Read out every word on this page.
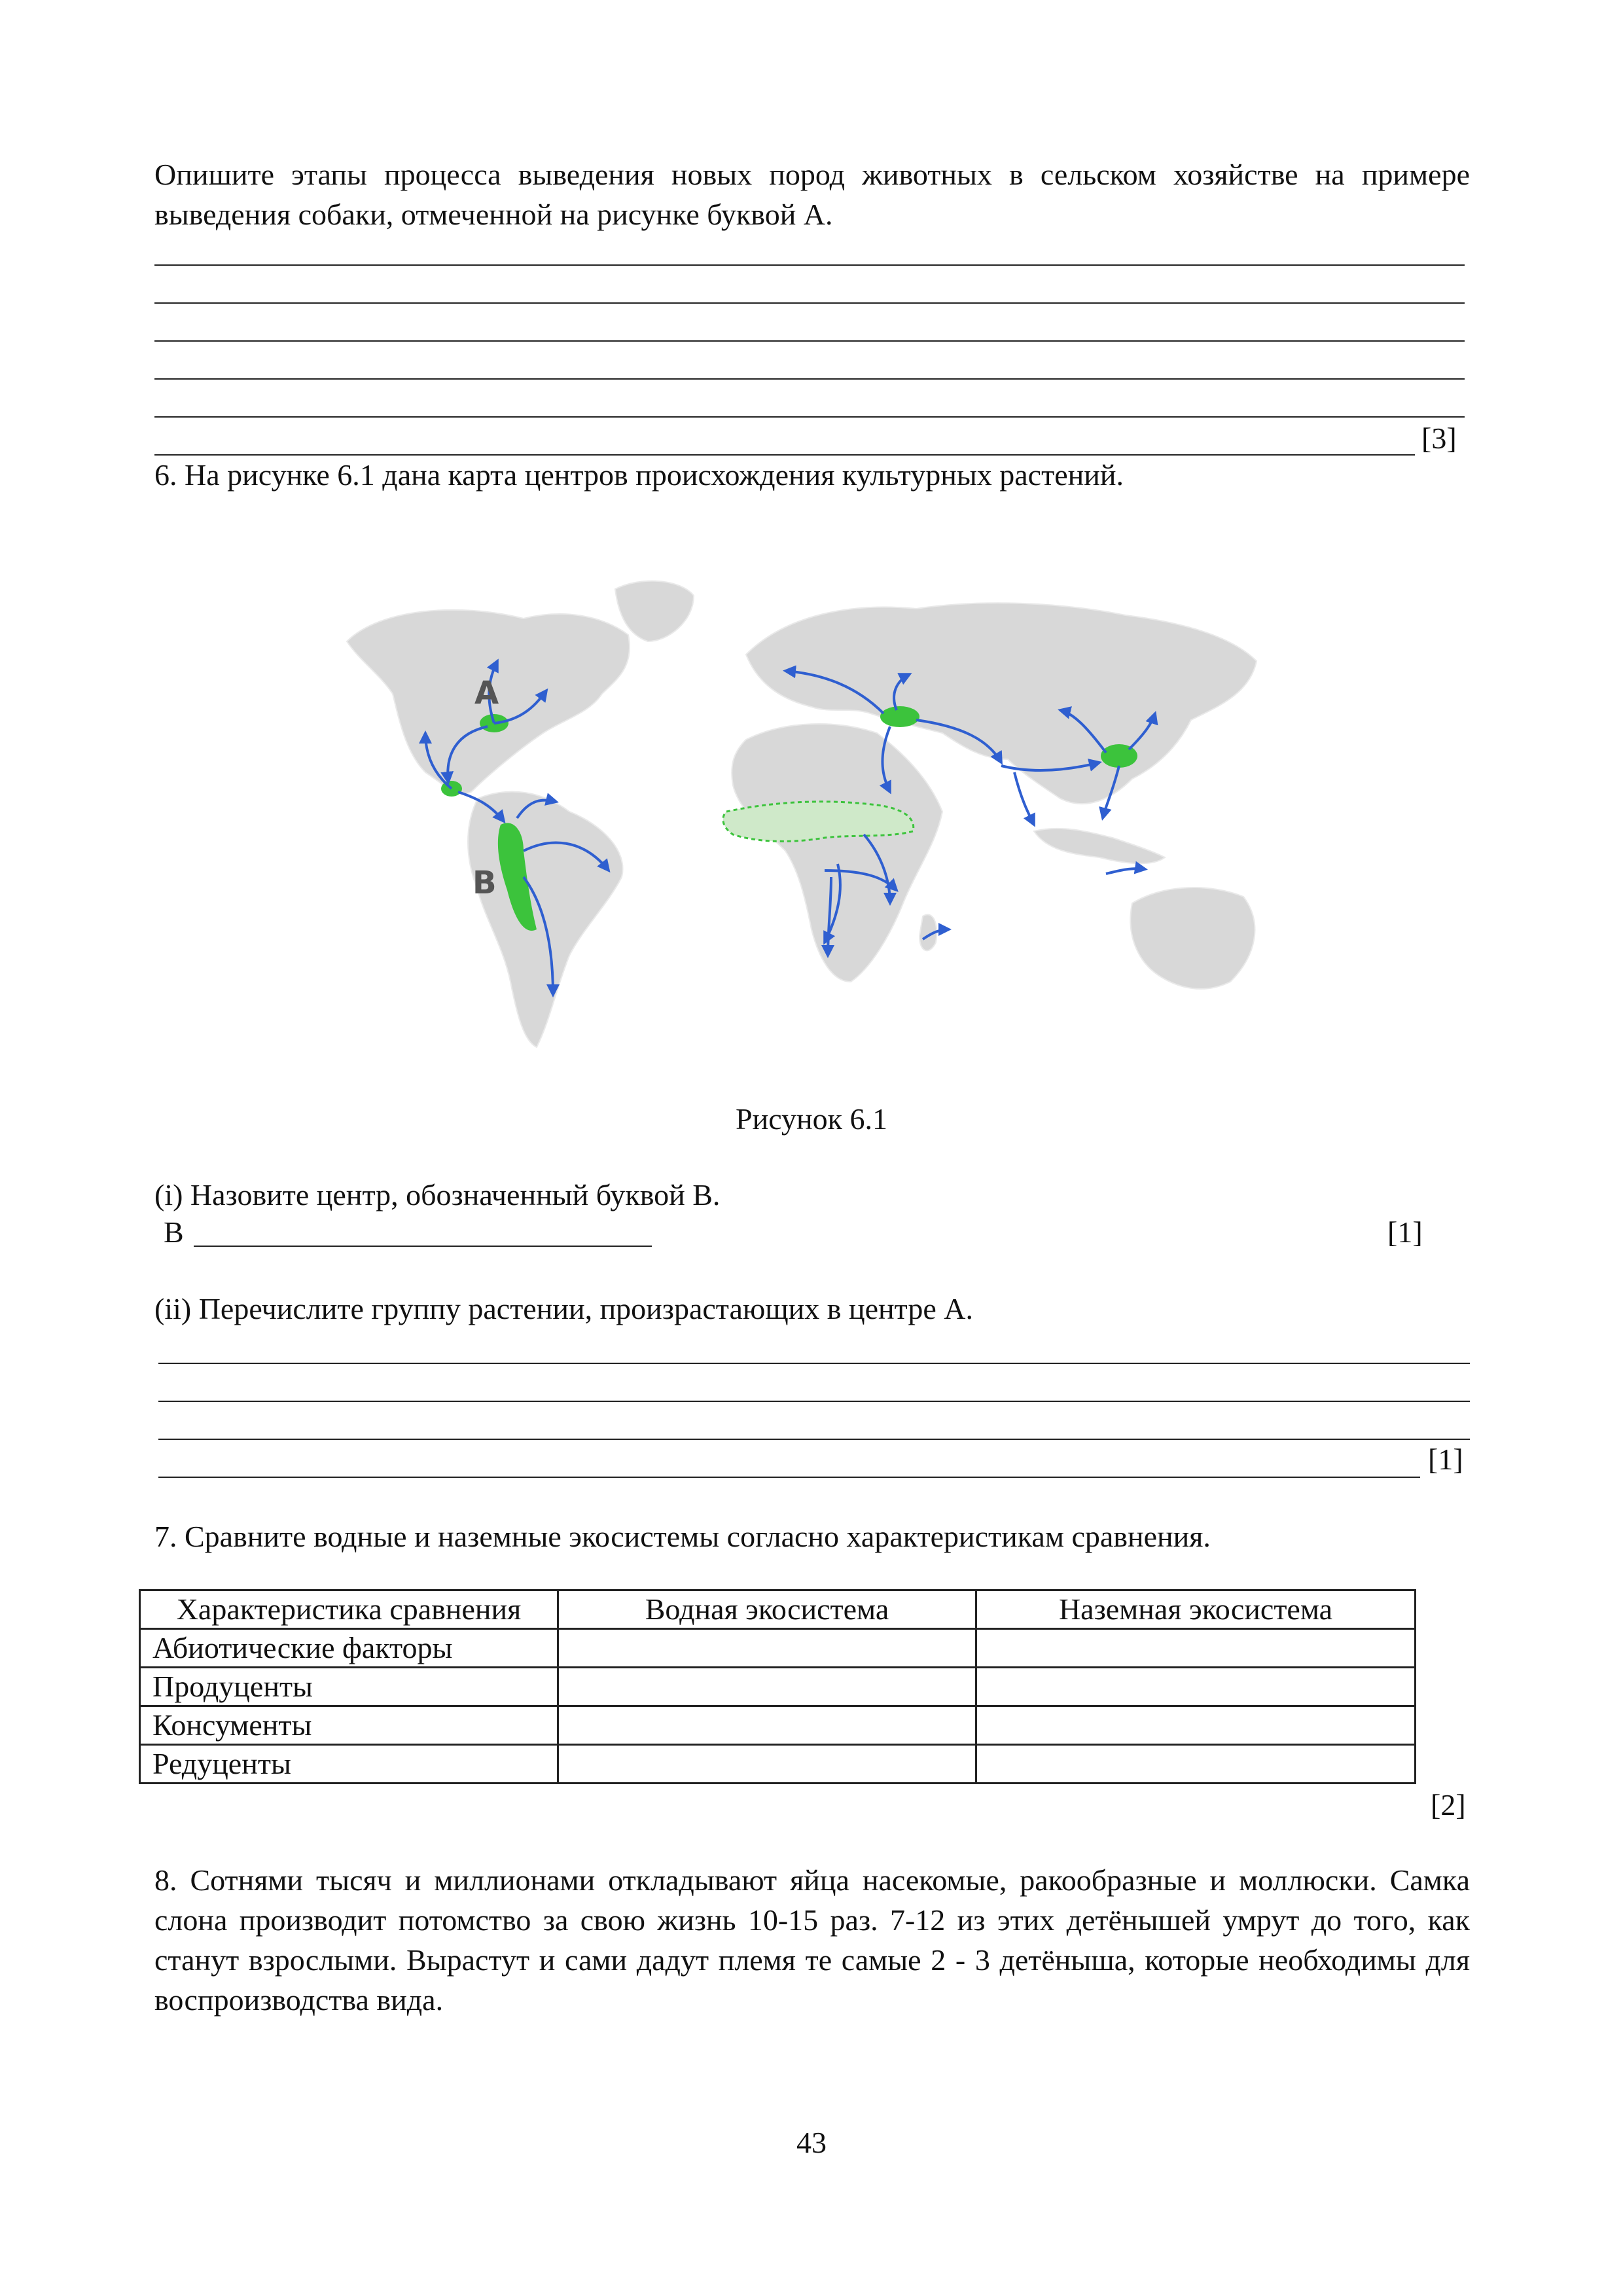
Опишите этапы процесса выведения новых пород животных в сельском хозяйстве на примере выведения собаки, отмеченной на рисунке буквой А.

[3]

6. На рисунке 6.1 дана карта центров происхождения культурных растений.

A
B
Рисунок 6.1

(i) Назовите центр, обозначенный буквой В.

В	[1]

(ii) Перечислите группу растении, произрастающих в центре А.

[1]

7. Сравните водные и наземные экосистемы согласно характеристикам сравнения.

Характеристика сравнения	Водная экосистема	Наземная экосистема
Абиотические факторы		
Продуценты		
Консументы		
Редуценты		
[2]

8. Сотнями тысяч и миллионами откладывают яйца насекомые, ракообразные и моллюски. Самка слона производит потомство за свою жизнь 10-15 раз. 7-12 из этих детёнышей умрут до того, как станут взрослыми. Вырастут и сами дадут племя те самые 2 - 3 детёныша, которые необходимы для воспроизводства вида.

43
